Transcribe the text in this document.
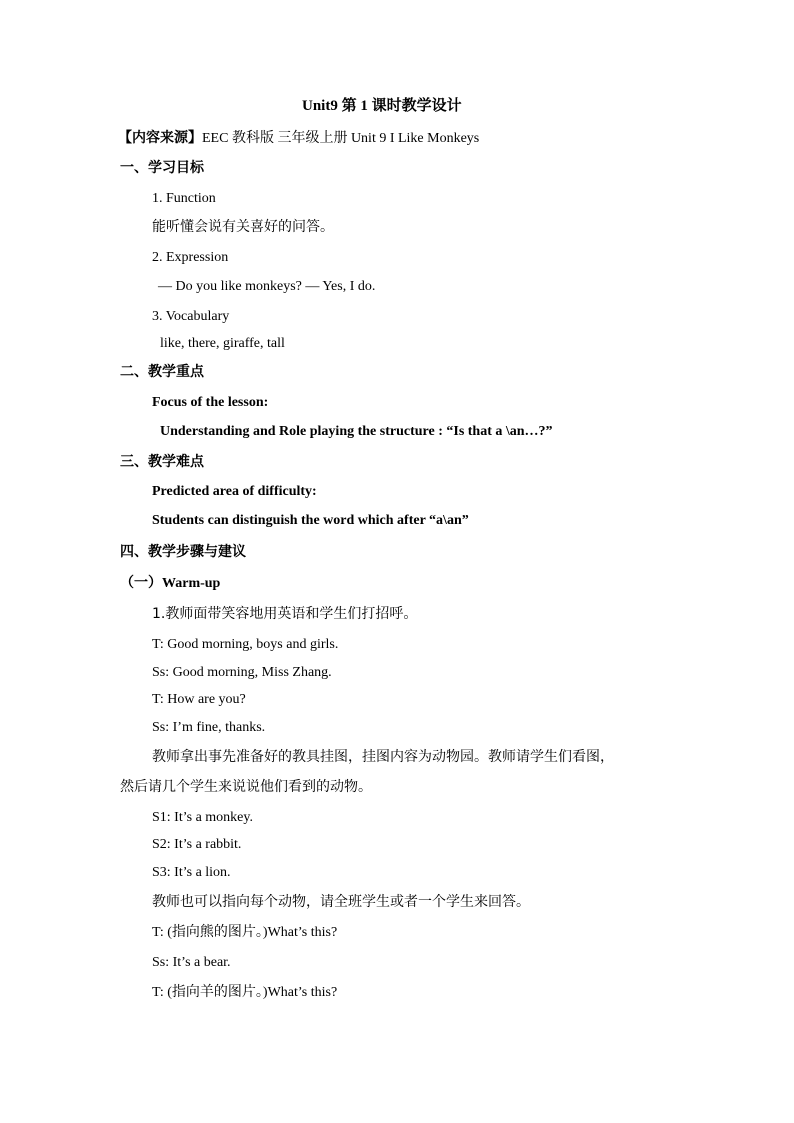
Unit9 第 1 课时教学设计
【内容来源】EEC 教科版 三年级上册 Unit 9 I Like Monkeys
一、学习目标
1. Function
能听懂会说有关喜好的问答。
2. Expression
— Do you like monkeys? — Yes, I do.
3. Vocabulary
like, there, giraffe, tall
二、教学重点
Focus of the lesson:
Understanding and Role playing the structure : “Is that a \an…?”
三、教学难点
Predicted area of difficulty:
Students can distinguish the word which after “a\an”
四、教学步骤与建议
（一）Warm-up
1.教师面带笑容地用英语和学生们打招呼。
T: Good morning, boys and girls.
Ss: Good morning, Miss Zhang.
T: How are you?
Ss: I’m fine, thanks.
教师拿出事先准备好的教具挂图，挂图内容为动物园。教师请学生们看图，
然后请几个学生来说说他们看到的动物。
S1: It’s a monkey.
S2: It’s a rabbit.
S3: It’s a lion.
教师也可以指向每个动物，请全班学生或者一个学生来回答。
T: (指向熊的图片。)What’s this?
Ss: It’s a bear.
T: (指向羊的图片。)What’s this?
